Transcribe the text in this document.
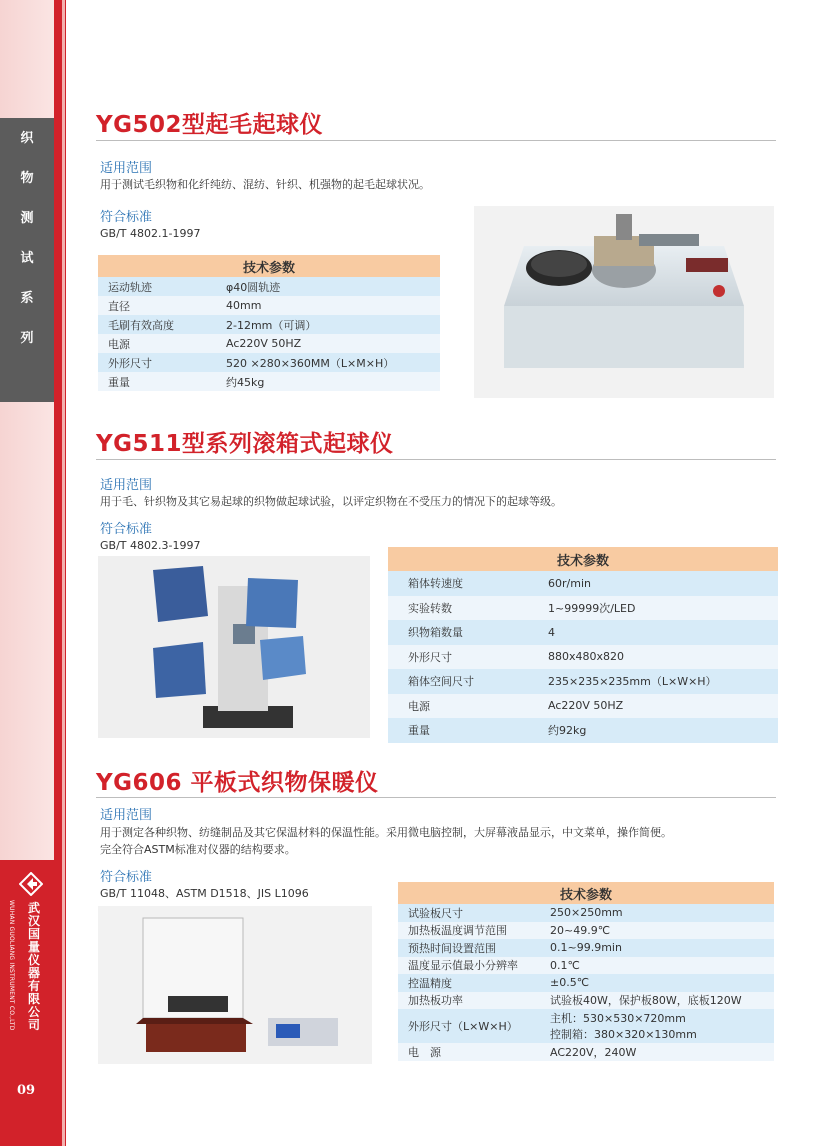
织
物
测
试
系
列
WUHAN GUOLIANG INSTRUMENT CO.,LTD	武
汉
国
量
仪
器
有
限
公
司
09
YG502型起毛起球仪
适用范围
用于测试毛织物和化纤纯纺、混纺、针织、机强物的起毛起球状况。
符合标准
GB/T 4802.1-1997
技术参数	
运动轨迹	φ40圆轨迹
直径	40mm
毛刷有效高度	2-12mm（可调）
电源	Ac220V 50HZ
外形尺寸	520 ×280×360MM（L×M×H）
重量	约45kg
YG511型系列滚箱式起球仪
适用范围
用于毛、针织物及其它易起球的织物做起球试验，以评定织物在不受压力的情况下的起球等级。
符合标准
GB/T 4802.3-1997
技术参数	
箱体转速度	60r/min
实验转数	1~99999次/LED
织物箱数量	4
外形尺寸	880x480x820
箱体空间尺寸	235×235×235mm（L×W×H）
电源	Ac220V 50HZ
重量	约92kg
YG606 平板式织物保暖仪
适用范围
用于测定各种织物、纺缝制品及其它保温材料的保温性能。采用微电脑控制，大屏幕液晶显示，中文菜单，操作简便。
完全符合ASTM标准对仪器的结构要求。
符合标准
GB/T 11048、ASTM D1518、JIS L1096	技术参数	
试验板尺寸	250×250mm
加热板温度调节范围	20~49.9℃
预热时间设置范围	0.1~99.9min
温度显示值最小分辨率	0.1℃
控温精度	±0.5℃
加热板功率	试验板40W，保护板80W，底板120W
外形尺寸（L×W×H）	主机：530×530×720mm
控制箱：380×320×130mm

电　源	AC220V，240W
